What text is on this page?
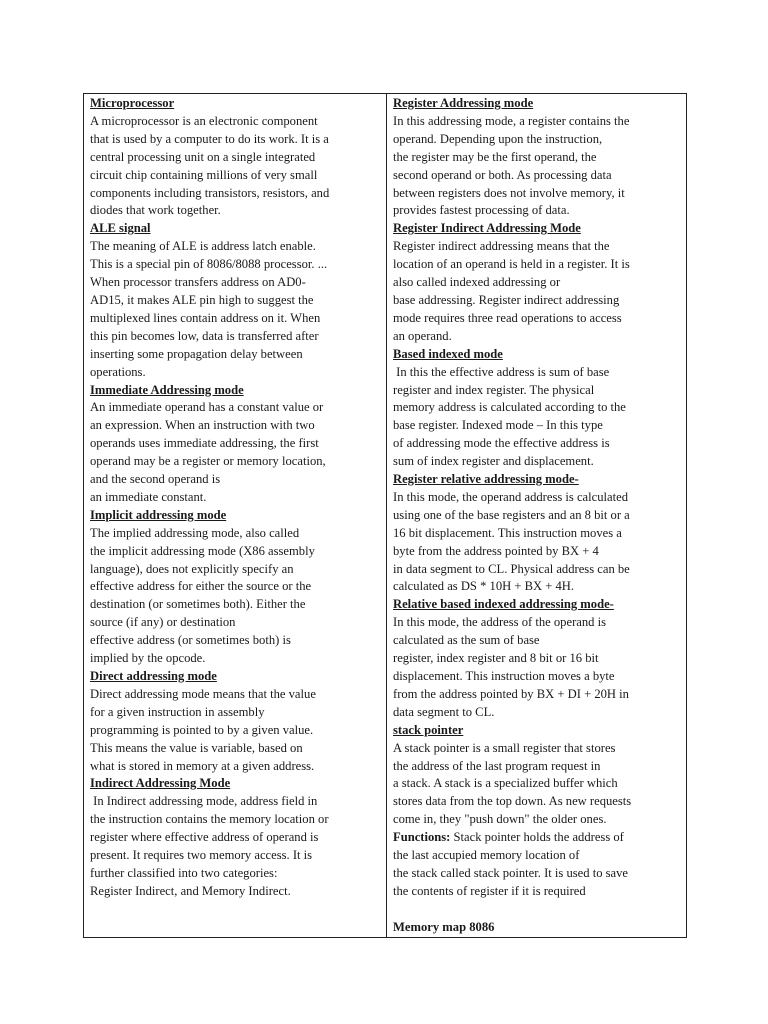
Microprocessor
A microprocessor is an electronic component
that is used by a computer to do its work. It is a
central processing unit on a single integrated
circuit chip containing millions of very small
components including transistors, resistors, and
diodes that work together.
ALE signal
The meaning of ALE is address latch enable.
This is a special pin of 8086/8088 processor. ...
When processor transfers address on AD0-
AD15, it makes ALE pin high to suggest the
multiplexed lines contain address on it. When
this pin becomes low, data is transferred after
inserting some propagation delay between
operations.
Immediate Addressing mode
An immediate operand has a constant value or
an expression. When an instruction with two
operands uses immediate addressing, the first
operand may be a register or memory location,
and the second operand is
an immediate constant.
Implicit addressing mode
The implied addressing mode, also called
the implicit addressing mode (X86 assembly
language), does not explicitly specify an
effective address for either the source or the
destination (or sometimes both). Either the
source (if any) or destination
effective address (or sometimes both) is
implied by the opcode.
Direct addressing mode
Direct addressing mode means that the value
for a given instruction in assembly
programming is pointed to by a given value.
This means the value is variable, based on
what is stored in memory at a given address.
Indirect Addressing Mode
In Indirect addressing mode, address field in
the instruction contains the memory location or
register where effective address of operand is
present. It requires two memory access. It is
further classified into two categories:
Register Indirect, and Memory Indirect.

Register Addressing mode
In this addressing mode, a register contains the
operand. Depending upon the instruction,
the register may be the first operand, the
second operand or both. As processing data
between registers does not involve memory, it
provides fastest processing of data.
Register Indirect Addressing Mode
Register indirect addressing means that the
location of an operand is held in a register. It is
also called indexed addressing or
base addressing. Register indirect addressing
mode requires three read operations to access
an operand.
Based indexed mode
In this the effective address is sum of base
register and index register. The physical
memory address is calculated according to the
base register. Indexed mode – In this type
of addressing mode the effective address is
sum of index register and displacement.
Register relative addressing mode-
In this mode, the operand address is calculated
using one of the base registers and an 8 bit or a
16 bit displacement. This instruction moves a
byte from the address pointed by BX + 4
in data segment to CL. Physical address can be
calculated as DS * 10H + BX + 4H.
Relative based indexed addressing mode-
In this mode, the address of the operand is
calculated as the sum of base
register, index register and 8 bit or 16 bit
displacement. This instruction moves a byte
from the address pointed by BX + DI + 20H in
data segment to CL.
stack pointer
A stack pointer is a small register that stores
the address of the last program request in
a stack. A stack is a specialized buffer which
stores data from the top down. As new requests
come in, they "push down" the older ones.
Functions: Stack pointer holds the address of
the last accupied memory location of
the stack called stack pointer. It is used to save
the contents of register if it is required
Memory map 8086
